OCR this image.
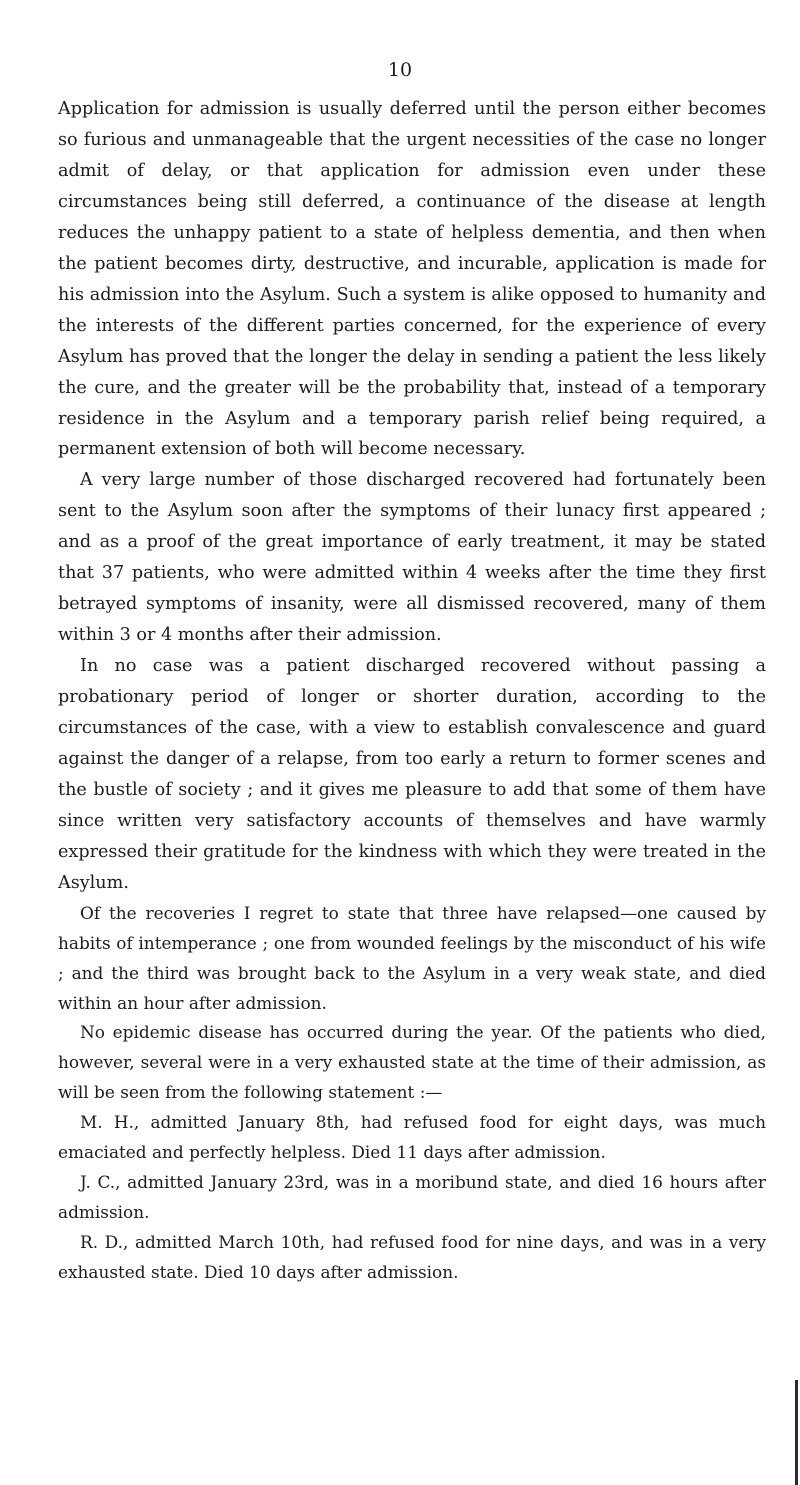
10

Application for admission is usually deferred until the person either becomes so furious and unmanageable that the urgent necessities of the case no longer admit of delay, or that application for admission even under these circumstances being still deferred, a continuance of the disease at length reduces the unhappy patient to a state of helpless dementia, and then when the patient becomes dirty, destructive, and incurable, application is made for his admission into the Asylum. Such a system is alike opposed to humanity and the interests of the different parties concerned, for the experience of every Asylum has proved that the longer the delay in sending a patient the less likely the cure, and the greater will be the probability that, instead of a temporary residence in the Asylum and a temporary parish relief being required, a permanent extension of both will become necessary.

A very large number of those discharged recovered had fortunately been sent to the Asylum soon after the symptoms of their lunacy first appeared ; and as a proof of the great importance of early treatment, it may be stated that 37 patients, who were admitted within 4 weeks after the time they first betrayed symptoms of insanity, were all dismissed recovered, many of them within 3 or 4 months after their admission.

In no case was a patient discharged recovered without passing a probationary period of longer or shorter duration, according to the circumstances of the case, with a view to establish convalescence and guard against the danger of a relapse, from too early a return to former scenes and the bustle of society ; and it gives me pleasure to add that some of them have since written very satisfactory accounts of themselves and have warmly expressed their gratitude for the kindness with which they were treated in the Asylum.

Of the recoveries I regret to state that three have relapsed—one caused by habits of intemperance ; one from wounded feelings by the misconduct of his wife ; and the third was brought back to the Asylum in a very weak state, and died within an hour after admission.

No epidemic disease has occurred during the year. Of the patients who died, however, several were in a very exhausted state at the time of their admission, as will be seen from the following statement :—

M. H., admitted January 8th, had refused food for eight days, was much emaciated and perfectly helpless. Died 11 days after admission.

J. C., admitted January 23rd, was in a moribund state, and died 16 hours after admission.

R. D., admitted March 10th, had refused food for nine days, and was in a very exhausted state. Died 10 days after admission.
